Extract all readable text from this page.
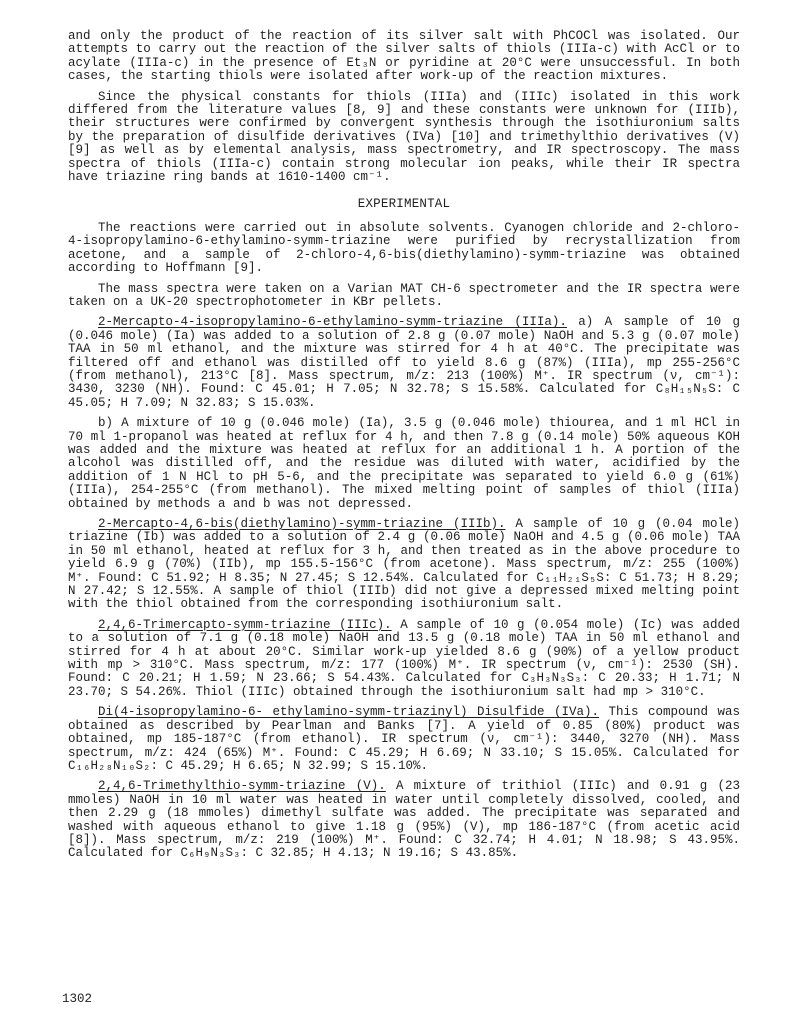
and only the product of the reaction of its silver salt with PhCOCl was isolated. Our attempts to carry out the reaction of the silver salts of thiols (IIIa-c) with AcCl or to acylate (IIIa-c) in the presence of Et₃N or pyridine at 20°C were unsuccessful. In both cases, the starting thiols were isolated after work-up of the reaction mixtures.

Since the physical constants for thiols (IIIa) and (IIIc) isolated in this work differed from the literature values [8, 9] and these constants were unknown for (IIIb), their structures were confirmed by convergent synthesis through the isothiuronium salts by the preparation of disulfide derivatives (IVa) [10] and trimethylthio derivatives (V) [9] as well as by elemental analysis, mass spectrometry, and IR spectroscopy. The mass spectra of thiols (IIIa-c) contain strong molecular ion peaks, while their IR spectra have triazine ring bands at 1610-1400 cm⁻¹.

EXPERIMENTAL

The reactions were carried out in absolute solvents. Cyanogen chloride and 2-chloro-4-isopropylamino-6-ethylamino-symm-triazine were purified by recrystallization from acetone, and a sample of 2-chloro-4,6-bis(diethylamino)-symm-triazine was obtained according to Hoffmann [9].

The mass spectra were taken on a Varian MAT CH-6 spectrometer and the IR spectra were taken on a UK-20 spectrophotometer in KBr pellets.

2-Mercapto-4-isopropylamino-6-ethylamino-symm-triazine (IIIa). a) A sample of 10 g (0.046 mole) (Ia) was added to a solution of 2.8 g (0.07 mole) NaOH and 5.3 g (0.07 mole) TAA in 50 ml ethanol, and the mixture was stirred for 4 h at 40°C. The precipitate was filtered off and ethanol was distilled off to yield 8.6 g (87%) (IIIa), mp 255-256°C (from methanol), 213°C [8]. Mass spectrum, m/z: 213 (100%) M⁺. IR spectrum (ν, cm⁻¹): 3430, 3230 (NH). Found: C 45.01; H 7.05; N 32.78; S 15.58%. Calculated for C₈H₁₅N₅S: C 45.05; H 7.09; N 32.83; S 15.03%.

b) A mixture of 10 g (0.046 mole) (Ia), 3.5 g (0.046 mole) thiourea, and 1 ml HCl in 70 ml 1-propanol was heated at reflux for 4 h, and then 7.8 g (0.14 mole) 50% aqueous KOH was added and the mixture was heated at reflux for an additional 1 h. A portion of the alcohol was distilled off, and the residue was diluted with water, acidified by the addition of 1 N HCl to pH 5-6, and the precipitate was separated to yield 6.0 g (61%) (IIIa), 254-255°C (from methanol). The mixed melting point of samples of thiol (IIIa) obtained by methods a and b was not depressed.

2-Mercapto-4,6-bis(diethylamino)-symm-triazine (IIIb). A sample of 10 g (0.04 mole) triazine (Ib) was added to a solution of 2.4 g (0.06 mole) NaOH and 4.5 g (0.06 mole) TAA in 50 ml ethanol, heated at reflux for 3 h, and then treated as in the above procedure to yield 6.9 g (70%) (IIb), mp 155.5-156°C (from acetone). Mass spectrum, m/z: 255 (100%) M⁺. Found: C 51.92; H 8.35; N 27.45; S 12.54%. Calculated for C₁₁H₂₁S₅S: C 51.73; H 8.29; N 27.42; S 12.55%. A sample of thiol (IIIb) did not give a depressed mixed melting point with the thiol obtained from the corresponding isothiuronium salt.

2,4,6-Trimercapto-symm-triazine (IIIc). A sample of 10 g (0.054 mole) (Ic) was added to a solution of 7.1 g (0.18 mole) NaOH and 13.5 g (0.18 mole) TAA in 50 ml ethanol and stirred for 4 h at about 20°C. Similar work-up yielded 8.6 g (90%) of a yellow product with mp > 310°C. Mass spectrum, m/z: 177 (100%) M⁺. IR spectrum (ν, cm⁻¹): 2530 (SH). Found: C 20.21; H 1.59; N 23.66; S 54.43%. Calculated for C₃H₃N₃S₃: C 20.33; H 1.71; N 23.70; S 54.26%. Thiol (IIIc) obtained through the isothiuronium salt had mp > 310°C.

Di(4-isopropylamino-6- ethylamino-symm-triazinyl) Disulfide (IVa). This compound was obtained as described by Pearlman and Banks [7]. A yield of 0.85 (80%) product was obtained, mp 185-187°C (from ethanol). IR spectrum (ν, cm⁻¹): 3440, 3270 (NH). Mass spectrum, m/z: 424 (65%) M⁺. Found: C 45.29; H 6.69; N 33.10; S 15.05%. Calculated for C₁₆H₂₈N₁₀S₂: C 45.29; H 6.65; N 32.99; S 15.10%.

2,4,6-Trimethylthio-symm-triazine (V). A mixture of trithiol (IIIc) and 0.91 g (23 mmoles) NaOH in 10 ml water was heated in water until completely dissolved, cooled, and then 2.29 g (18 mmoles) dimethyl sulfate was added. The precipitate was separated and washed with aqueous ethanol to give 1.18 g (95%) (V), mp 186-187°C (from acetic acid [8]). Mass spectrum, m/z: 219 (100%) M⁺. Found: C 32.74; H 4.01; N 18.98; S 43.95%. Calculated for C₆H₉N₃S₃: C 32.85; H 4.13; N 19.16; S 43.85%.

1302
